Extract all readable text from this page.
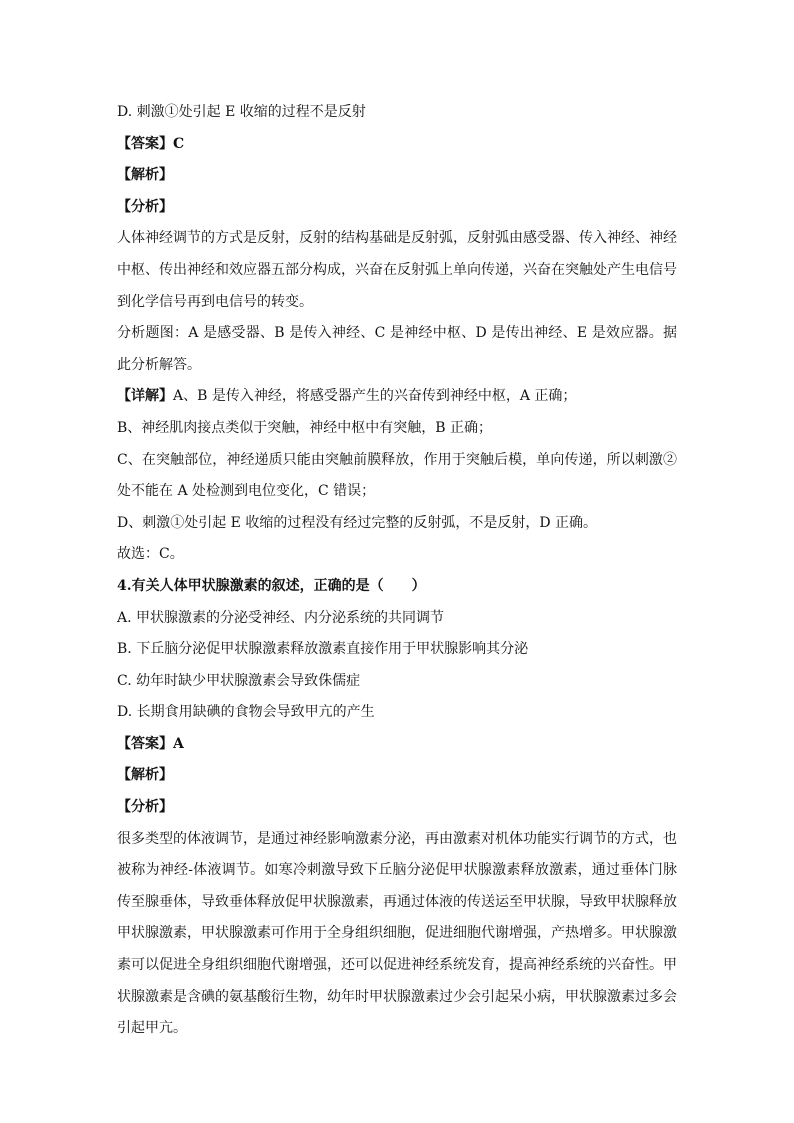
D. 刺激①处引起 E 收缩的过程不是反射
【答案】C
【解析】
【分析】

人体神经调节的方式是反射，反射的结构基础是反射弧，反射弧由感受器、传入神经、神经中枢、传出神经和效应器五部分构成，兴奋在反射弧上单向传递，兴奋在突触处产生电信号到化学信号再到电信号的转变。

分析题图：A 是感受器、B 是传入神经、C 是神经中枢、D 是传出神经、E 是效应器。据此分析解答。

【详解】A、B 是传入神经，将感受器产生的兴奋传到神经中枢，A 正确；
B、神经肌肉接点类似于突触，神经中枢中有突触，B 正确；

C、在突触部位，神经递质只能由突触前膜释放，作用于突触后模，单向传递，所以刺激②处不能在 A 处检测到电位变化，C 错误；

D、刺激①处引起 E 收缩的过程没有经过完整的反射弧，不是反射，D 正确。
故选：C。
4.有关人体甲状腺激素的叙述，正确的是（　　）
A. 甲状腺激素的分泌受神经、内分泌系统的共同调节
B. 下丘脑分泌促甲状腺激素释放激素直接作用于甲状腺影响其分泌
C. 幼年时缺少甲状腺激素会导致侏儒症
D. 长期食用缺碘的食物会导致甲亢的产生
【答案】A
【解析】
【分析】

很多类型的体液调节，是通过神经影响激素分泌，再由激素对机体功能实行调节的方式，也被称为神经-体液调节。如寒冷刺激导致下丘脑分泌促甲状腺激素释放激素，通过垂体门脉传至腺垂体，导致垂体释放促甲状腺激素，再通过体液的传送运至甲状腺，导致甲状腺释放甲状腺激素，甲状腺激素可作用于全身组织细胞，促进细胞代谢增强，产热增多。甲状腺激素可以促进全身组织细胞代谢增强，还可以促进神经系统发育，提高神经系统的兴奋性。甲状腺激素是含碘的氨基酸衍生物，幼年时甲状腺激素过少会引起呆小病，甲状腺激素过多会引起甲亢。
